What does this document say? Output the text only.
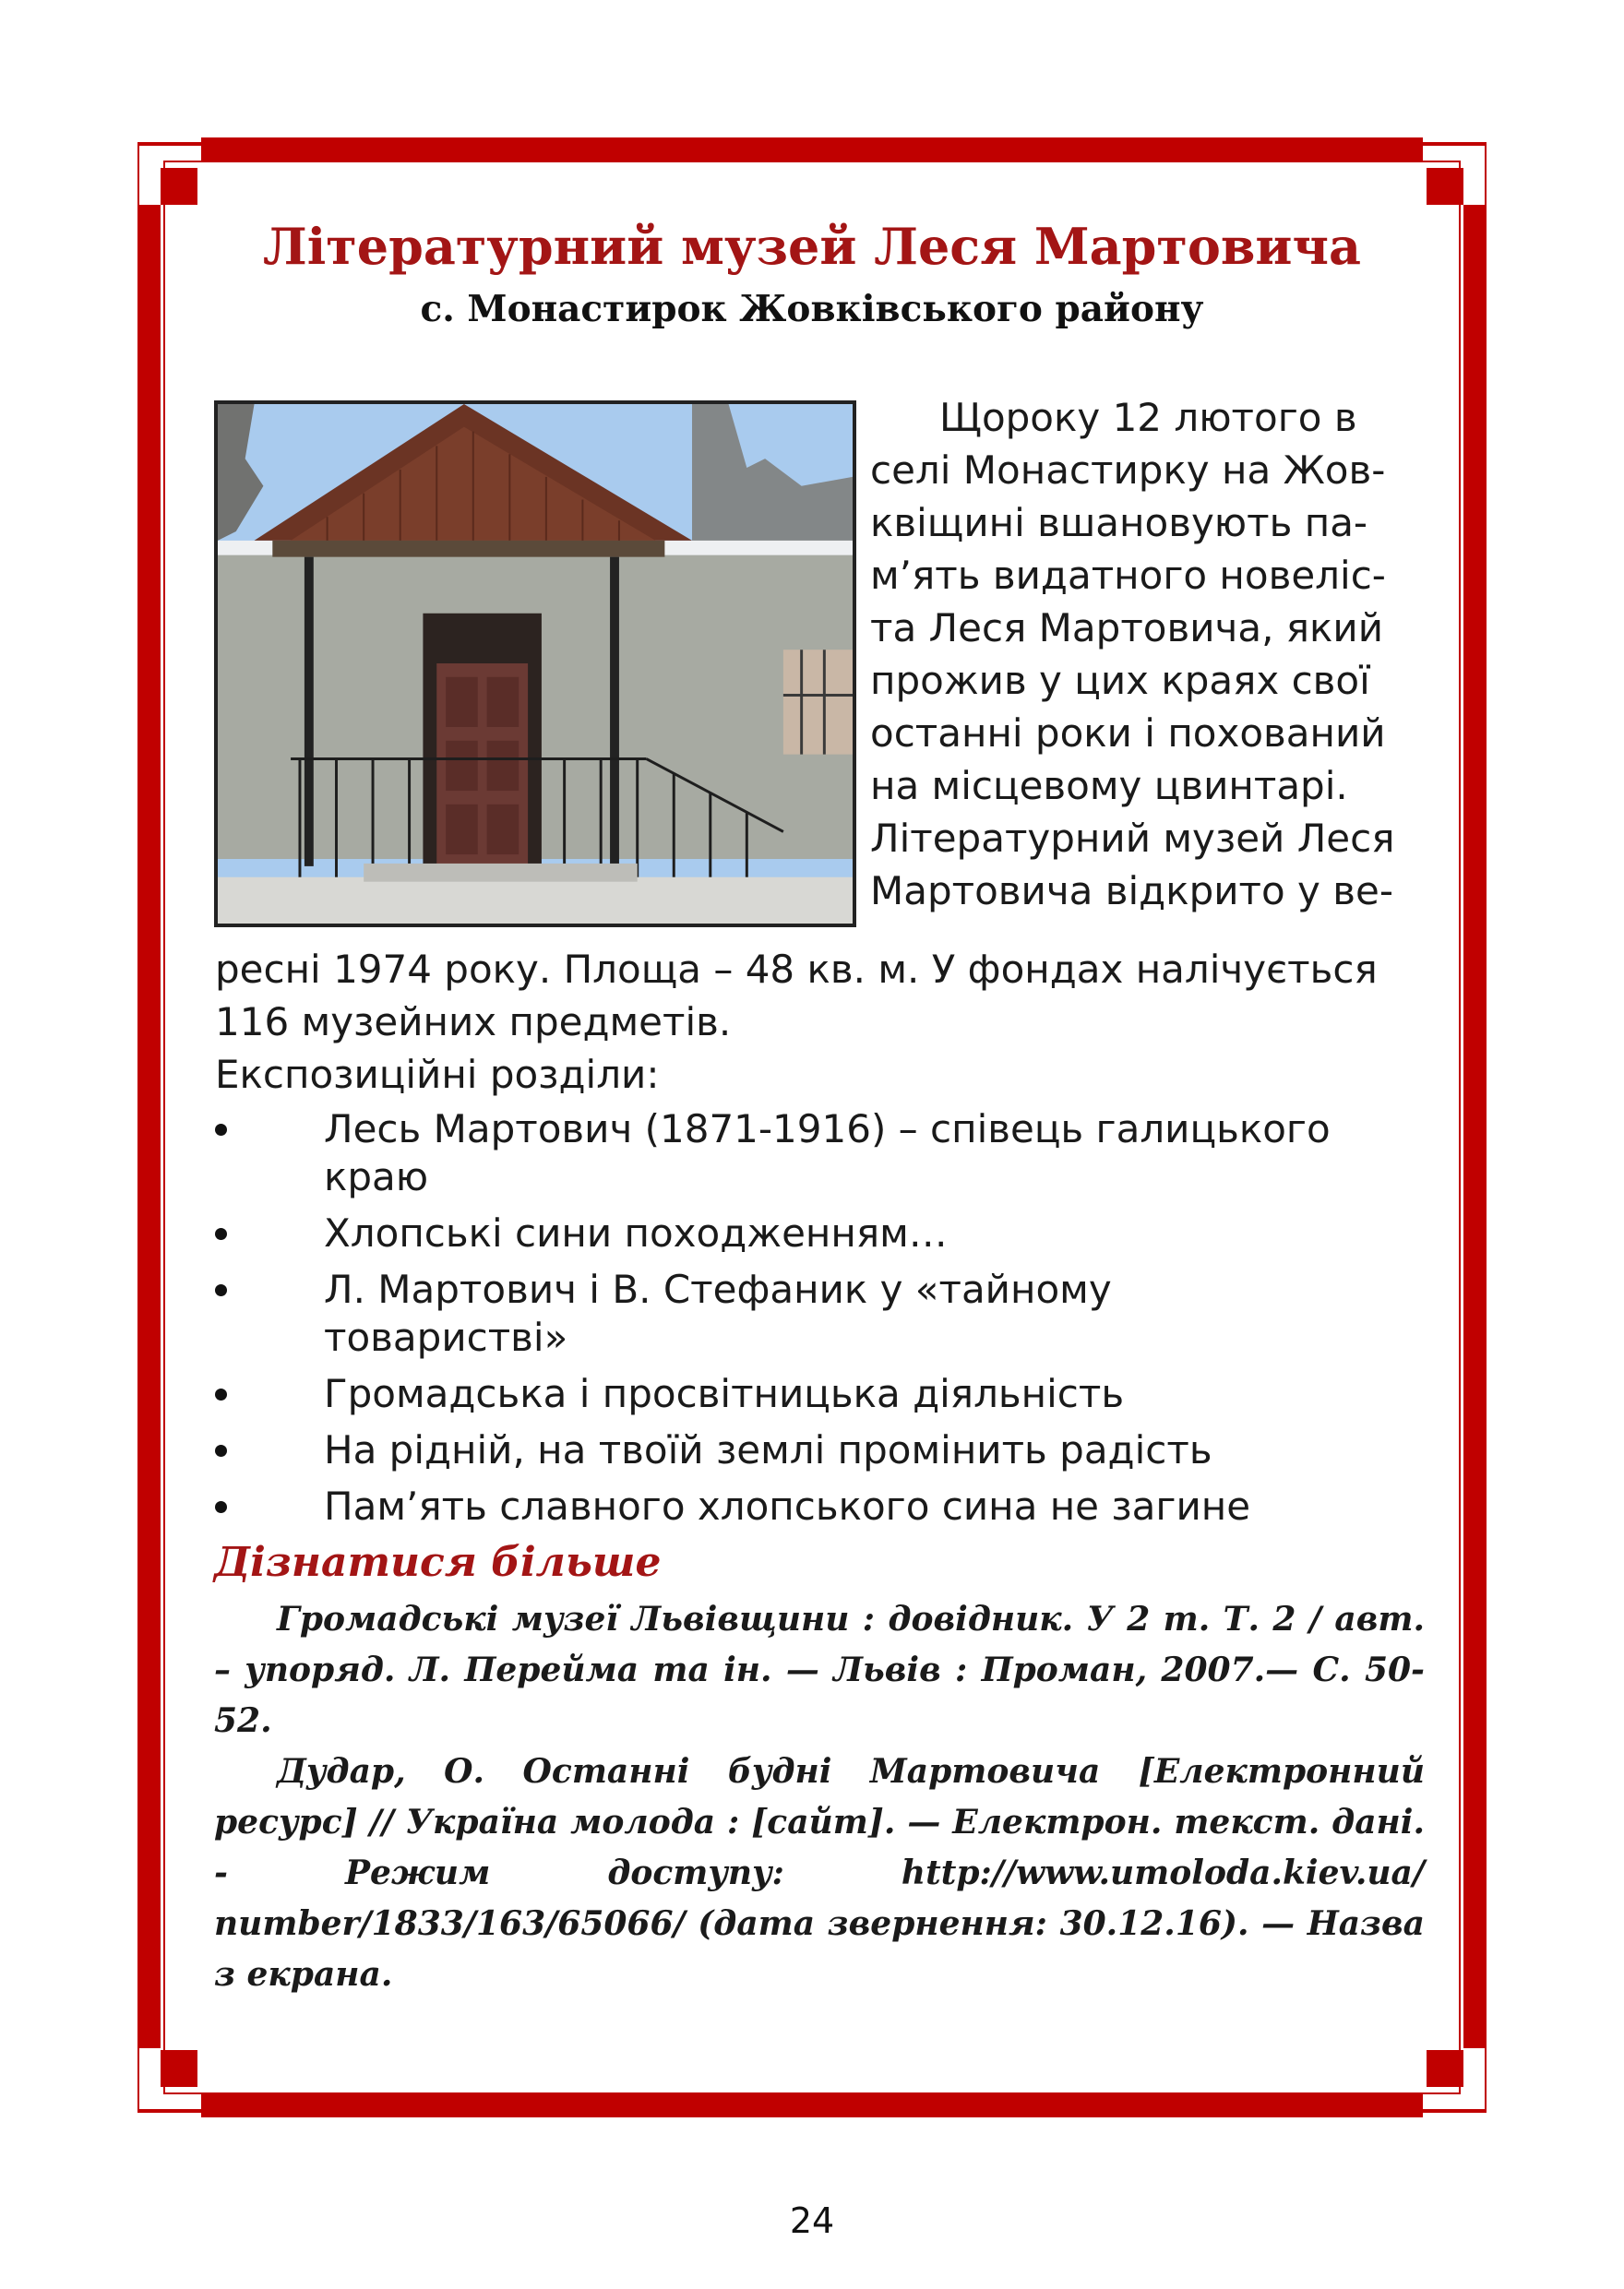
Літературний музей Леся Мартовича
с. Монастирок Жовківського району
Щороку 12 лютого в
селі Монастирку на Жов-
квіщині вшановують па-
м’ять видатного новеліс-
та Леся Мартовича, який
прожив у цих краях свої
останні роки і похований
на місцевому цвинтарі.
Літературний музей Леся
Мартовича відкрито у ве-
ресні 1974 року. Площа – 48 кв. м. У фондах налічується
116 музейних предметів.
Експозиційні розділи:
Лесь Мартович (1871-1916) – співець галицького краю
Хлопські сини походженням…
Л. Мартович і В. Стефаник у «тайному товаристві»
Громадська і просвітницька діяльність
На рідній, на твоїй землі промінить радість
Пам’ять славного хлопського сина не загине
Дізнатися більше

Громадські музеї Львівщини : довідник. У 2 т. Т. 2 / авт. – упоряд. Л. Перейма та ін. — Львів : Проман, 2007.— С. 50-52.

Дудар, О. Останні будні Мартовича [Електронний ресурс] // Україна молода : [сайт]. — Електрон. текст. дані. - Режим доступу: http://www.umoloda.kiev.ua/ number/1833/163/65066/ (дата звернення: 30.12.16). — Назва з екрана.

24
